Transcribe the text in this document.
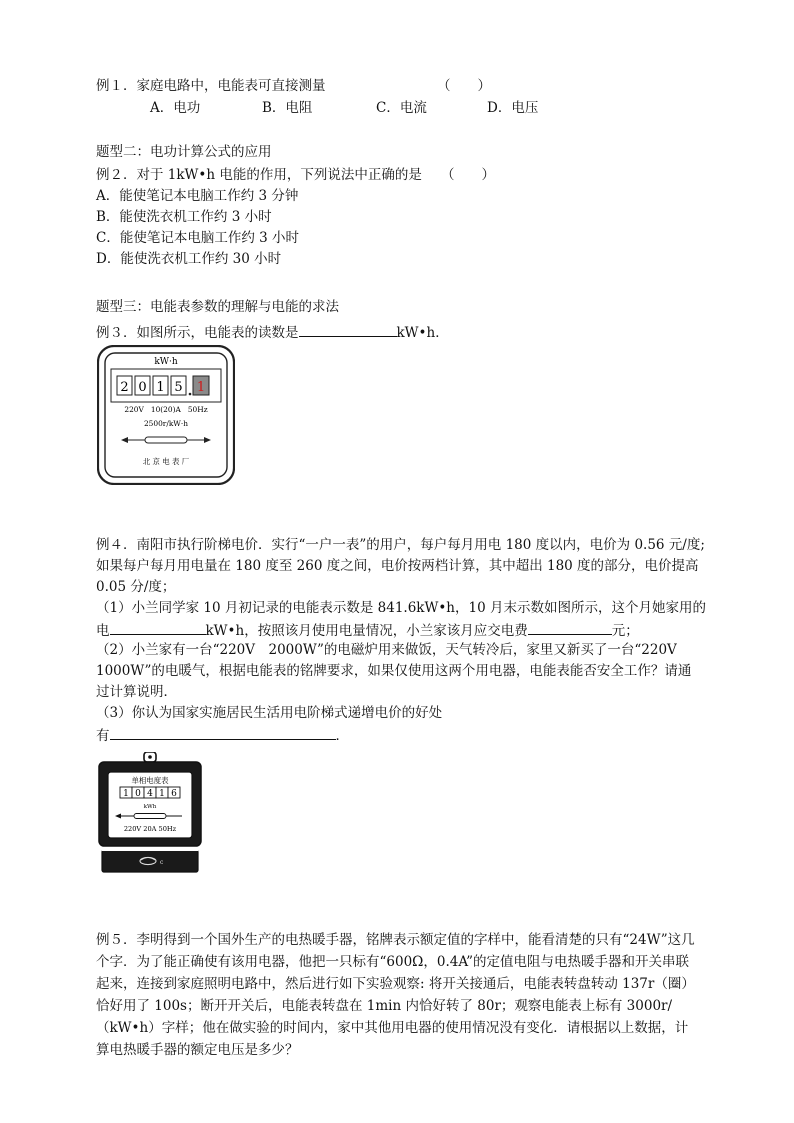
例１．家庭电路中，电能表可直接测量	（　　）
A．电功	B．电阻	C．电流	D．电压
题型二：电功计算公式的应用
例２．对于 1kW•h 电能的作用，下列说法中正确的是 （　　）
A．能使笔记本电脑工作约 3 分钟
B．能使洗衣机工作约 3 小时
C．能使笔记本电脑工作约 3 小时
D．能使洗衣机工作约 30 小时
题型三：电能表参数的理解与电能的求法
例３．如图所示，电能表的读数是	kW•h．
kW·h
2 0 1 5 1
220V   10(20)A   50Hz
2500r/kW·h
北 京 电 表 厂
例４．南阳市执行阶梯电价．实行“一户一表”的用户，每户每月用电 180 度以内，电价为 0.56 元/度;
如果每户每月用电量在 180 度至 260 度之间，电价按两档计算，其中超出 180 度的部分，电价提高
0.05 分/度；
（1）小兰同学家 10 月初记录的电能表示数是 841.6kW•h，10 月末示数如图所示，这个月她家用的
电	kW•h，按照该月使用电量情况，小兰家该月应交电费	元；
（2）小兰家有一台“220V　2000W”的电磁炉用来做饭，天气转冷后，家里又新买了一台“220V
1000W”的电暖气，根据电能表的铭牌要求，如果仅使用这两个用电器，电能表能否安全工作？请通
过计算说明．
（3）你认为国家实施居民生活用电阶梯式递增电价的好处
有	．
单相电度表
1 0 4 1 6
kWh
220V 20A 50Hz
c
例５．李明得到一个国外生产的电热暖手器，铭牌表示额定值的字样中，能看清楚的只有“24W”这几
个字．为了能正确使有该用电器，他把一只标有“600Ω，0.4A”的定值电阻与电热暖手器和开关串联
起来，连接到家庭照明电路中，然后进行如下实验观察: 将开关接通后，电能表转盘转动 137r（圈）
恰好用了 100s；断开开关后，电能表转盘在 1min 内恰好转了 80r；观察电能表上标有 3000r/
（kW•h）字样；他在做实验的时间内，家中其他用电器的使用情况没有变化．请根据以上数据，计
算电热暖手器的额定电压是多少？
